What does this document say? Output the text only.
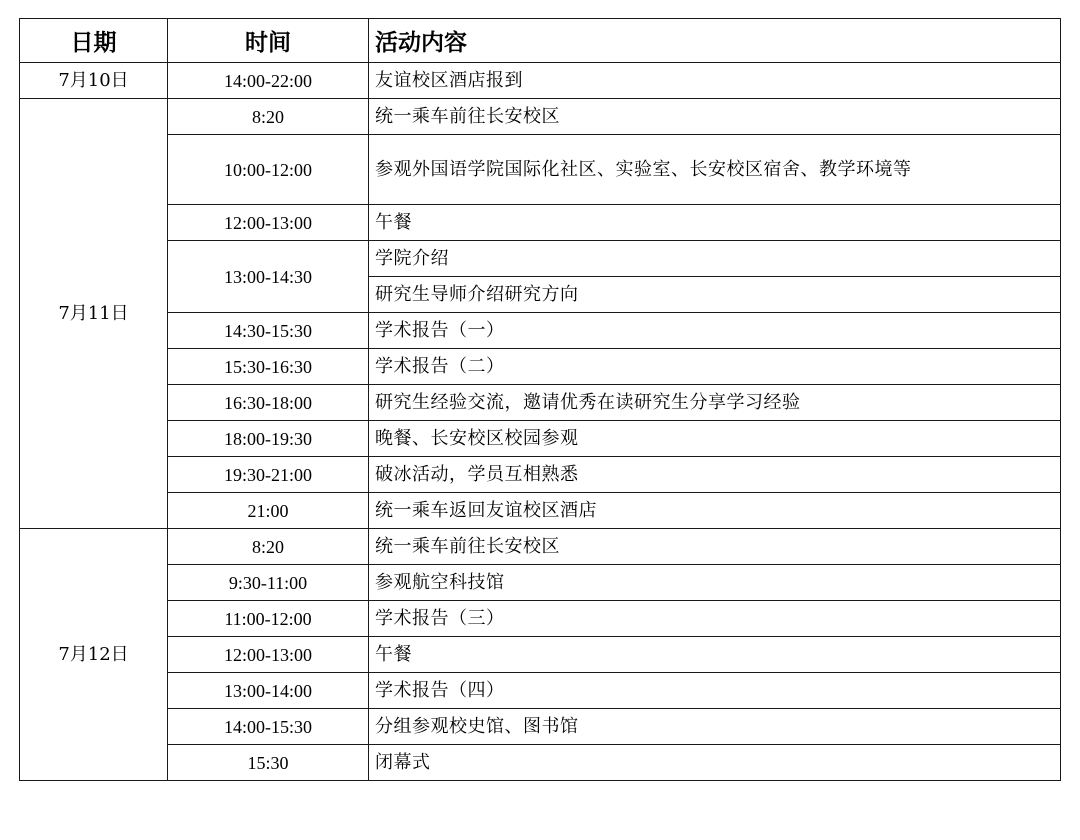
日期	时间	活动内容
7月10日	14:00-22:00	友谊校区酒店报到
7月11日	8:20	统一乘车前往长安校区
	10:00-12:00	参观外国语学院国际化社区、实验室、长安校区宿舍、教学环境等
	12:00-13:00	午餐
	13:00-14:30	学院介绍
		研究生导师介绍研究方向
	14:30-15:30	学术报告（一）
	15:30-16:30	学术报告（二）
	16:30-18:00	研究生经验交流，邀请优秀在读研究生分享学习经验
	18:00-19:30	晚餐、长安校区校园参观
	19:30-21:00	破冰活动，学员互相熟悉
	21:00	统一乘车返回友谊校区酒店
7月12日	8:20	统一乘车前往长安校区
	9:30-11:00	参观航空科技馆
	11:00-12:00	学术报告（三）
	12:00-13:00	午餐
	13:00-14:00	学术报告（四）
	14:00-15:30	分组参观校史馆、图书馆
	15:30	闭幕式
